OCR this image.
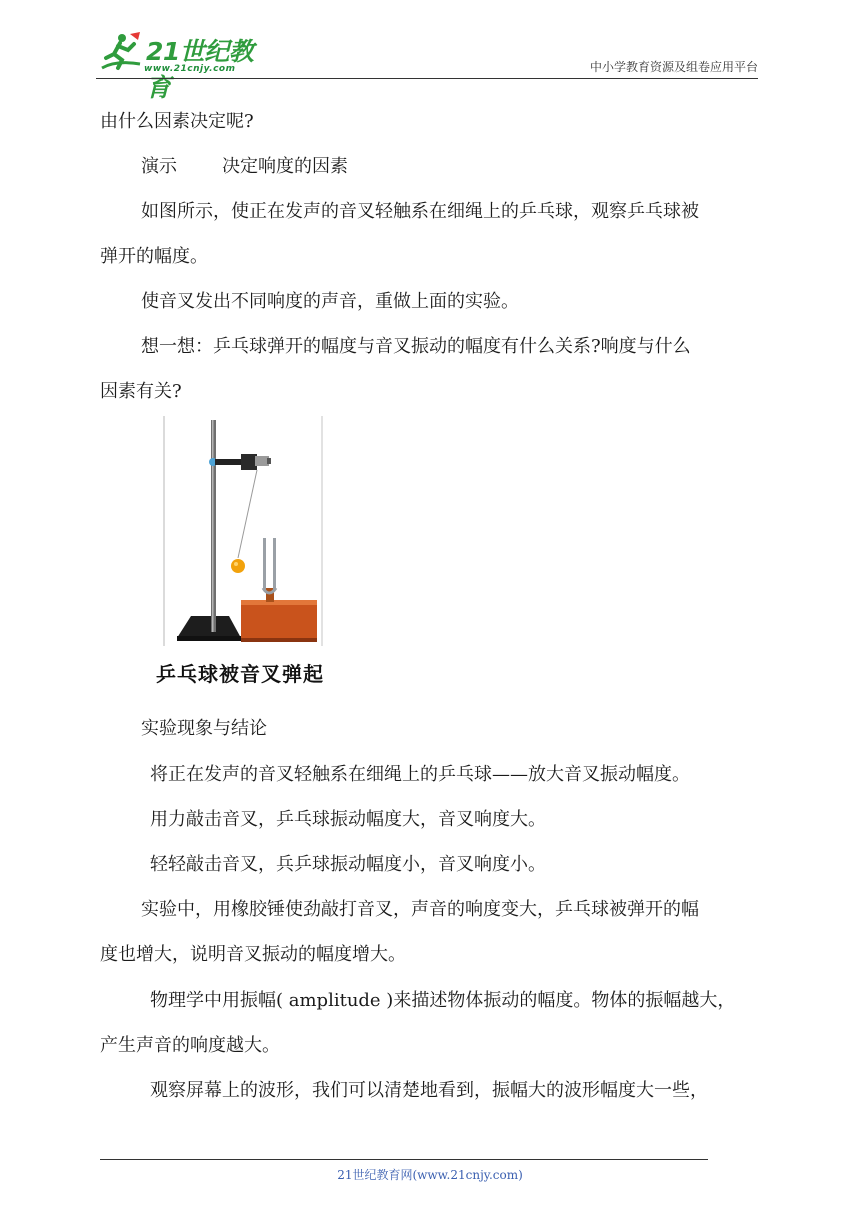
21世纪教育
www.21cnjy.com	中小学教育资源及组卷应用平台
由什么因素决定呢?
演示	决定响度的因素
如图所示，使正在发声的音叉轻触系在细绳上的乒乓球，观察乒乓球被
弹开的幅度。
使音叉发出不同响度的声音，重做上面的实验。
想一想：乒乓球弹开的幅度与音叉振动的幅度有什么关系?响度与什么
因素有关?
乒乓球被音叉弹起
实验现象与结论
将正在发声的音叉轻触系在细绳上的乒乓球——放大音叉振动幅度。
用力敲击音叉，乒乓球振动幅度大，音叉响度大。
轻轻敲击音叉，兵乒球振动幅度小，音叉响度小。
实验中，用橡胶锤使劲敲打音叉，声音的响度变大，乒乓球被弹开的幅
度也增大，说明音叉振动的幅度增大。
物理学中用振幅( amplitude )来描述物体振动的幅度。物体的振幅越大，
产生声音的响度越大。
观察屏幕上的波形，我们可以清楚地看到，振幅大的波形幅度大一些，
21世纪教育网(www.21cnjy.com)
